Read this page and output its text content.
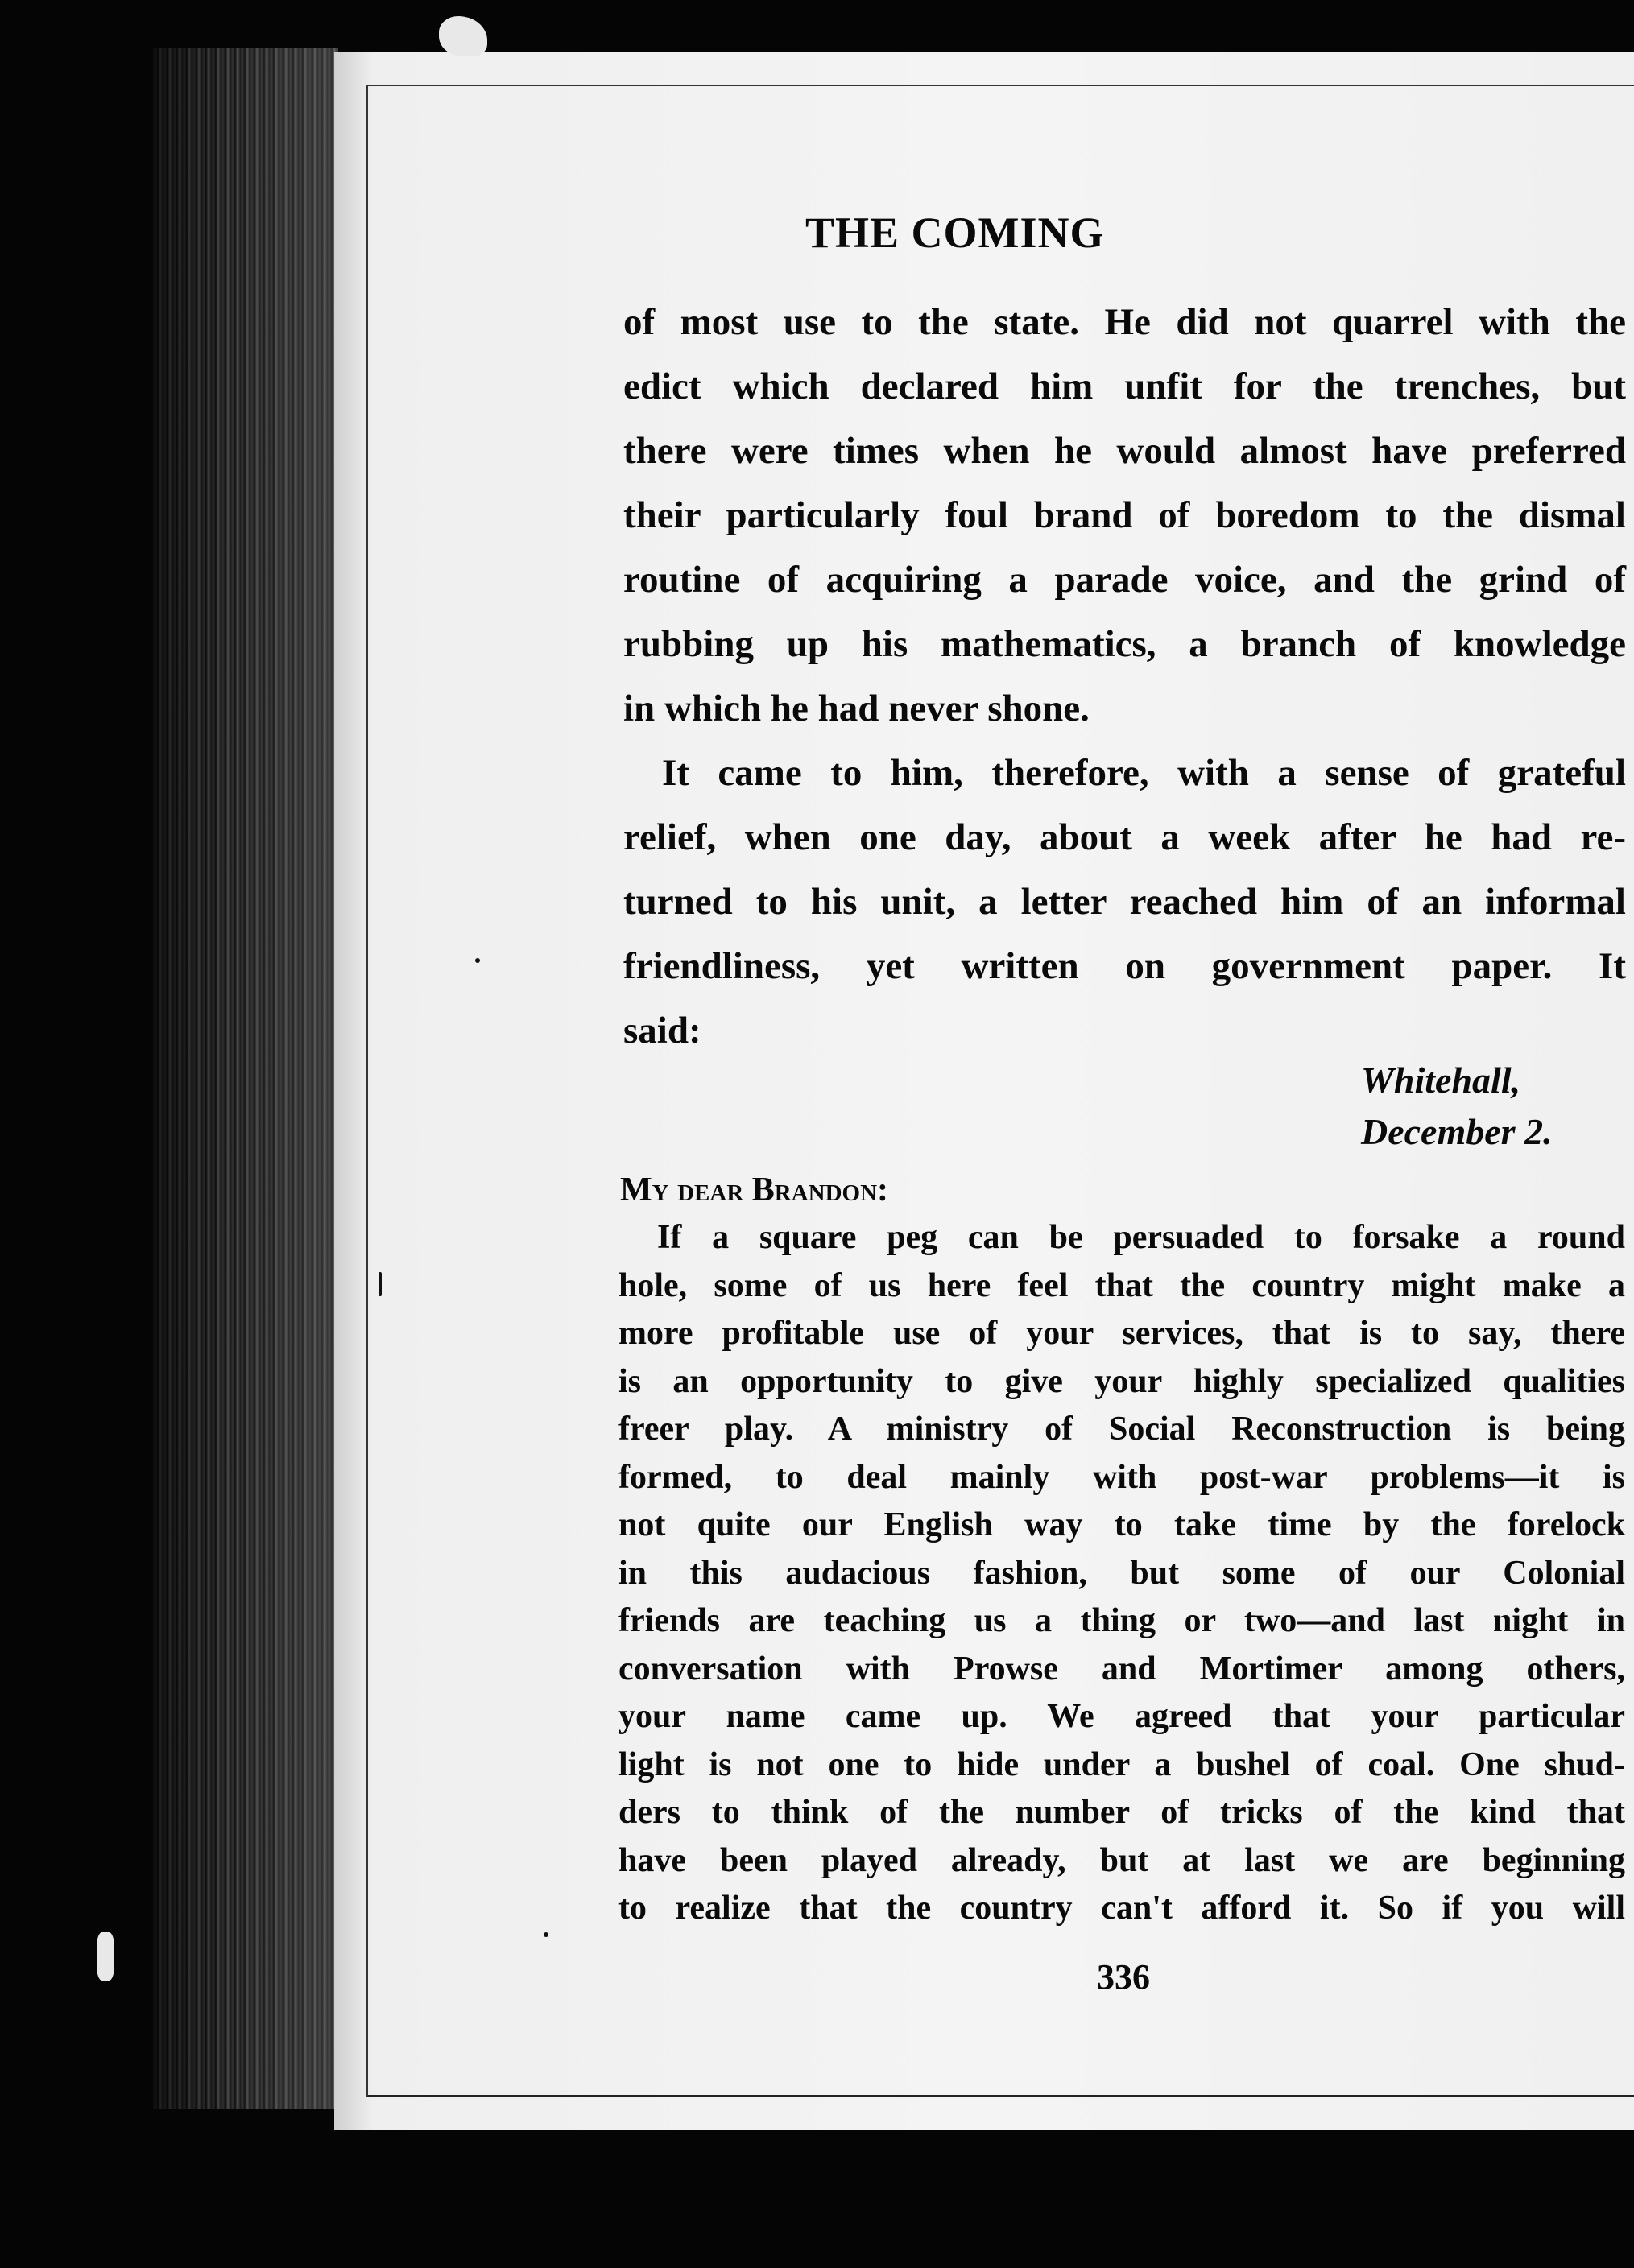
THE COMING
of most use to the state. He did not quarrel with the
edict which declared him unfit for the trenches, but
there were times when he would almost have preferred
their particularly foul brand of boredom to the dismal
routine of acquiring a parade voice, and the grind of
rubbing up his mathematics, a branch of knowledge
in which he had never shone.
It came to him, therefore, with a sense of grateful
relief, when one day, about a week after he had re-
turned to his unit, a letter reached him of an informal
friendliness, yet written on government paper. It
said:
Whitehall,
December 2.
My dear Brandon:
If a square peg can be persuaded to forsake a round
hole, some of us here feel that the country might make a
more profitable use of your services, that is to say, there
is an opportunity to give your highly specialized qualities
freer play. A ministry of Social Reconstruction is being
formed, to deal mainly with post-war problems—it is
not quite our English way to take time by the forelock
in this audacious fashion, but some of our Colonial
friends are teaching us a thing or two—and last night in
conversation with Prowse and Mortimer among others,
your name came up. We agreed that your particular
light is not one to hide under a bushel of coal. One shud-
ders to think of the number of tricks of the kind that
have been played already, but at last we are beginning
to realize that the country can't afford it. So if you will
336
